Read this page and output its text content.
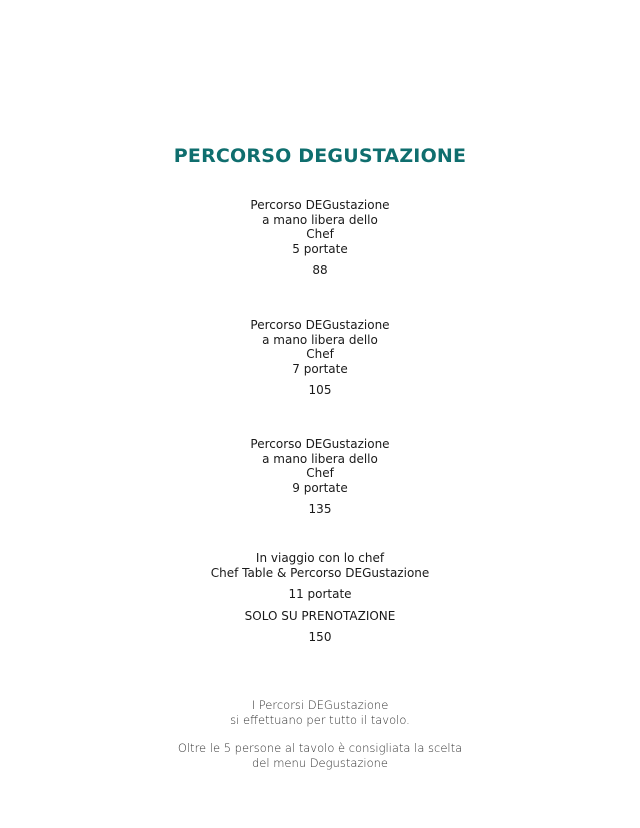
PERCORSO DEGUSTAZIONE
Percorso DEGustazione
a mano libera dello
Chef
5 portate
88
Percorso DEGustazione
a mano libera dello
Chef
7 portate
105
Percorso DEGustazione
a mano libera dello
Chef
9 portate
135
In viaggio con lo chef
Chef Table & Percorso DEGustazione
11 portate
SOLO SU PRENOTAZIONE
150
I Percorsi DEGustazione
si effettuano per tutto il tavolo.
Oltre le 5 persone al tavolo è consigliata la scelta
del menu Degustazione
